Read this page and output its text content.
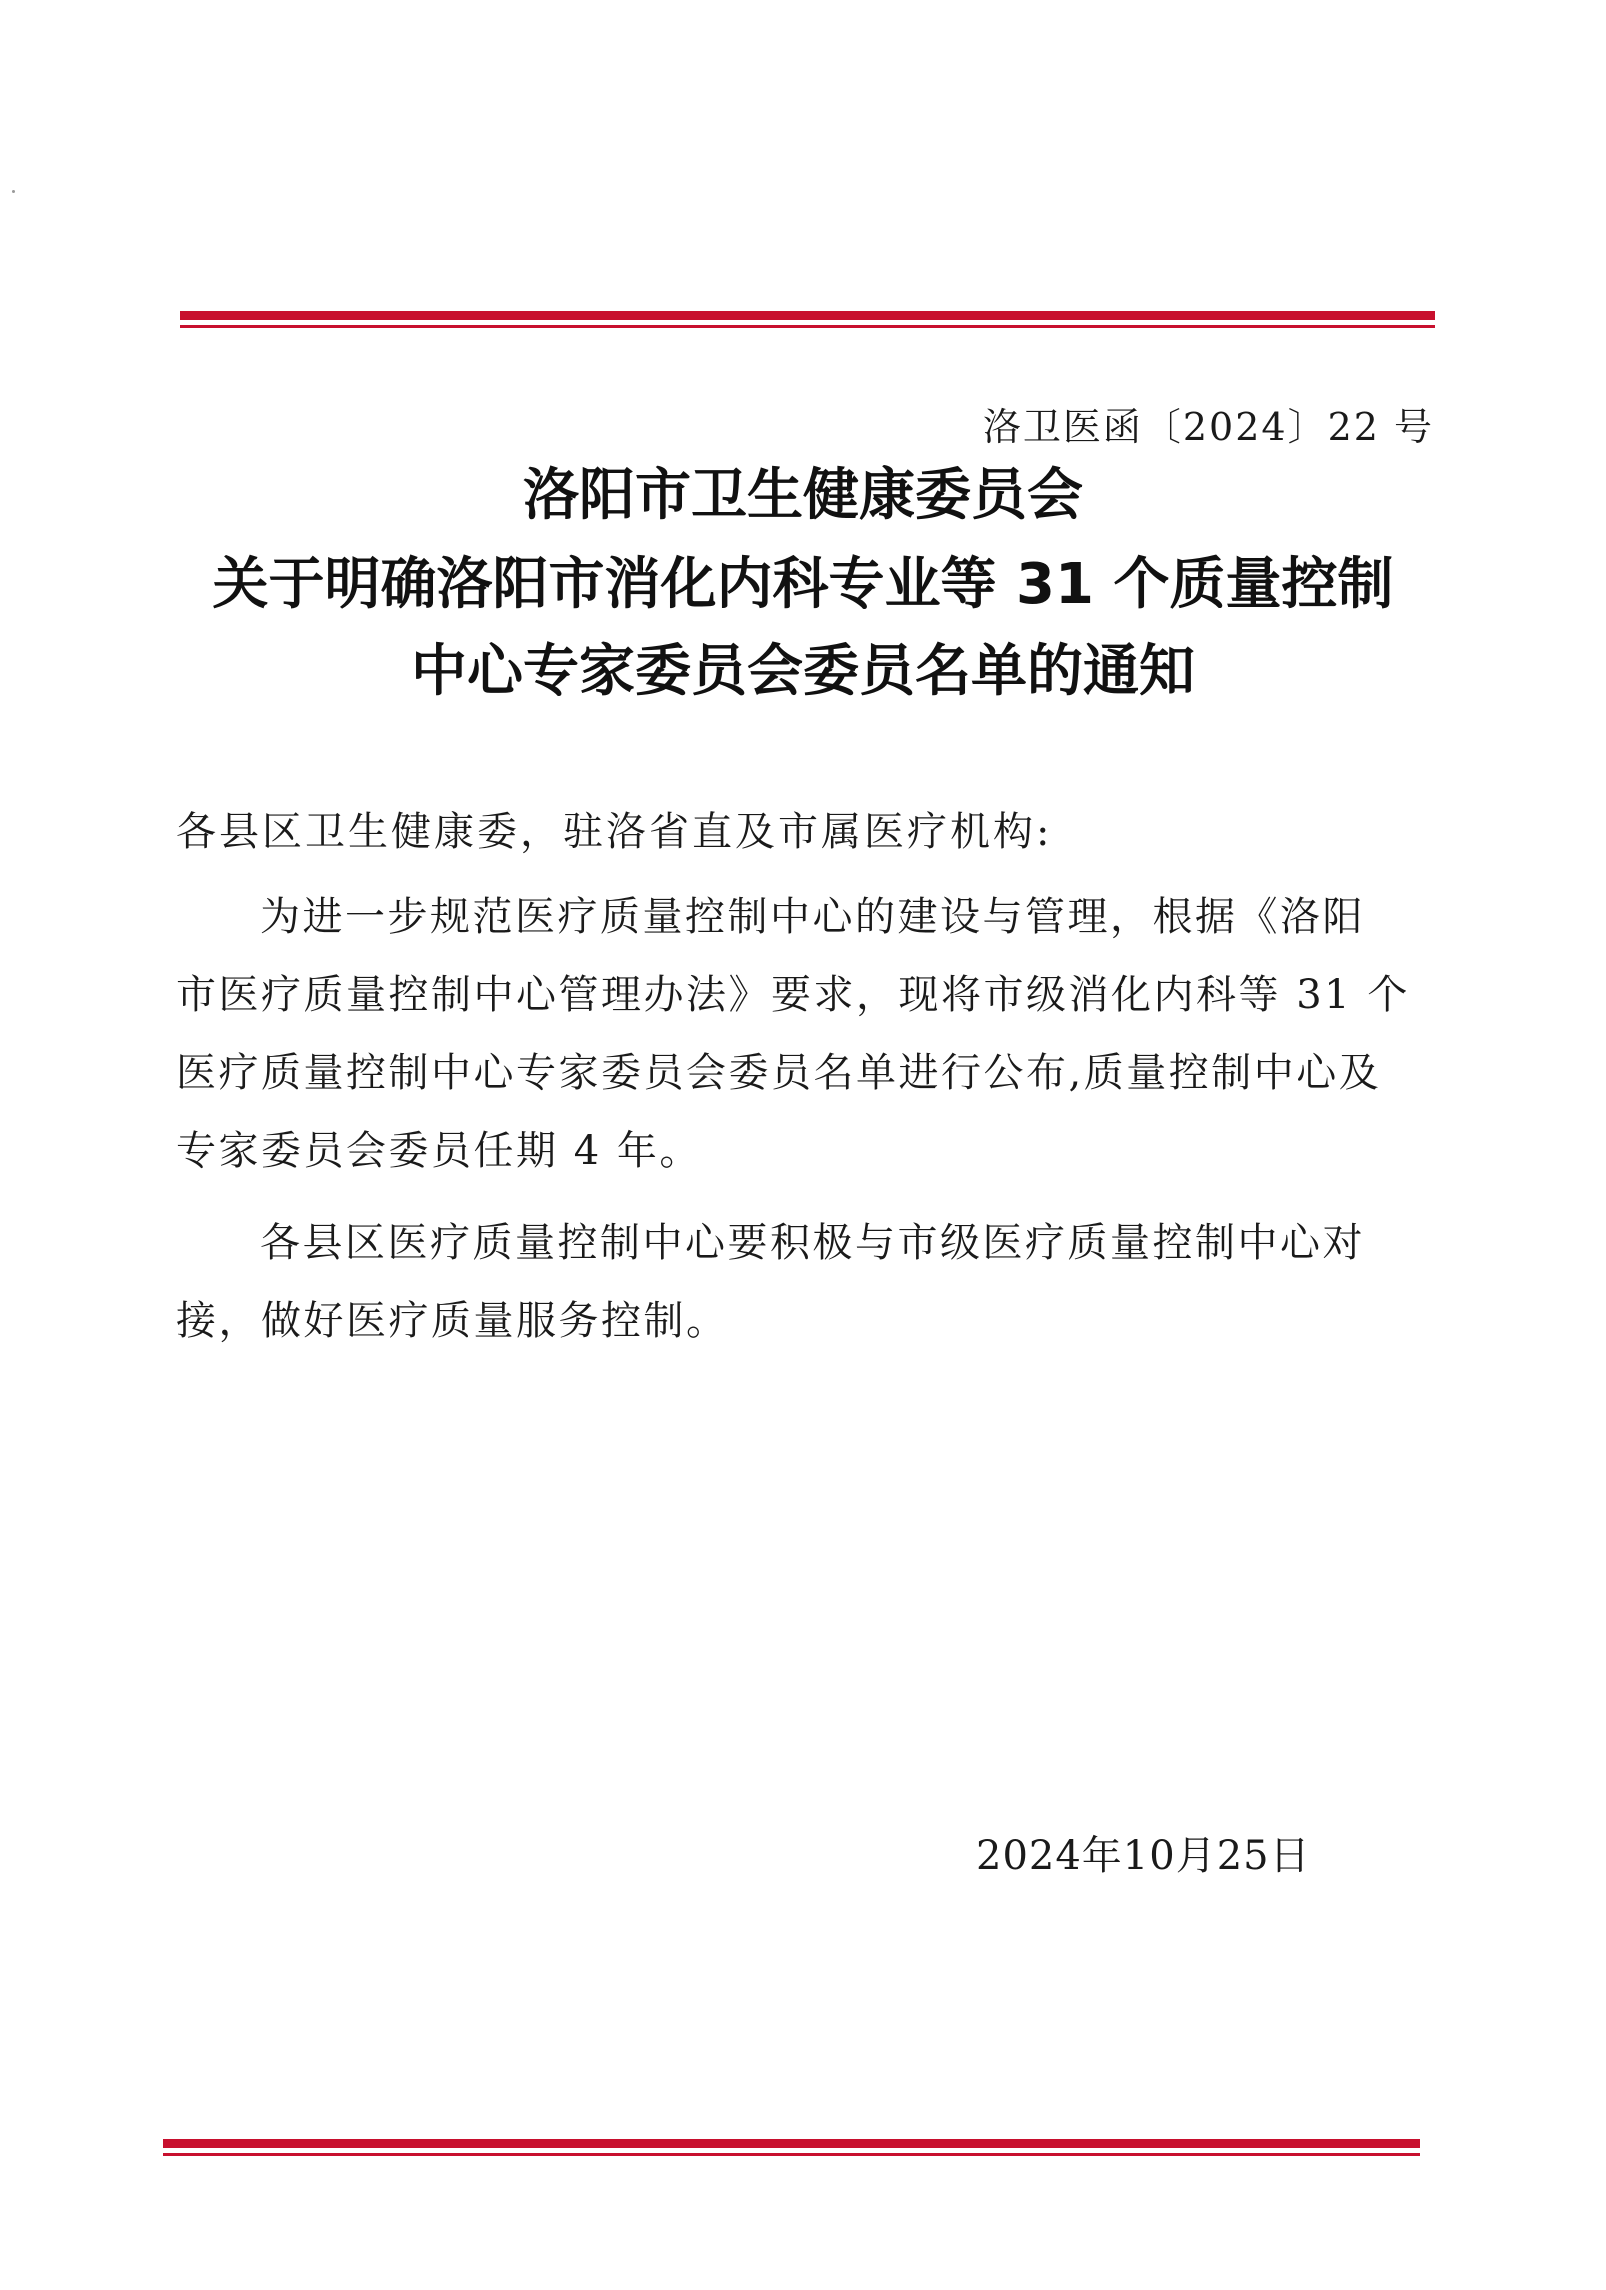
洛卫医函〔2024〕22 号
洛阳市卫生健康委员会
关于明确洛阳市消化内科专业等 31 个质量控制
中心专家委员会委员名单的通知
各县区卫生健康委，驻洛省直及市属医疗机构:
为进一步规范医疗质量控制中心的建设与管理，根据《洛阳
市医疗质量控制中心管理办法》要求，现将市级消化内科等 31 个
医疗质量控制中心专家委员会委员名单进行公布,质量控制中心及
专家委员会委员任期 4 年。
各县区医疗质量控制中心要积极与市级医疗质量控制中心对
接，做好医疗质量服务控制。
2024年10月25日
